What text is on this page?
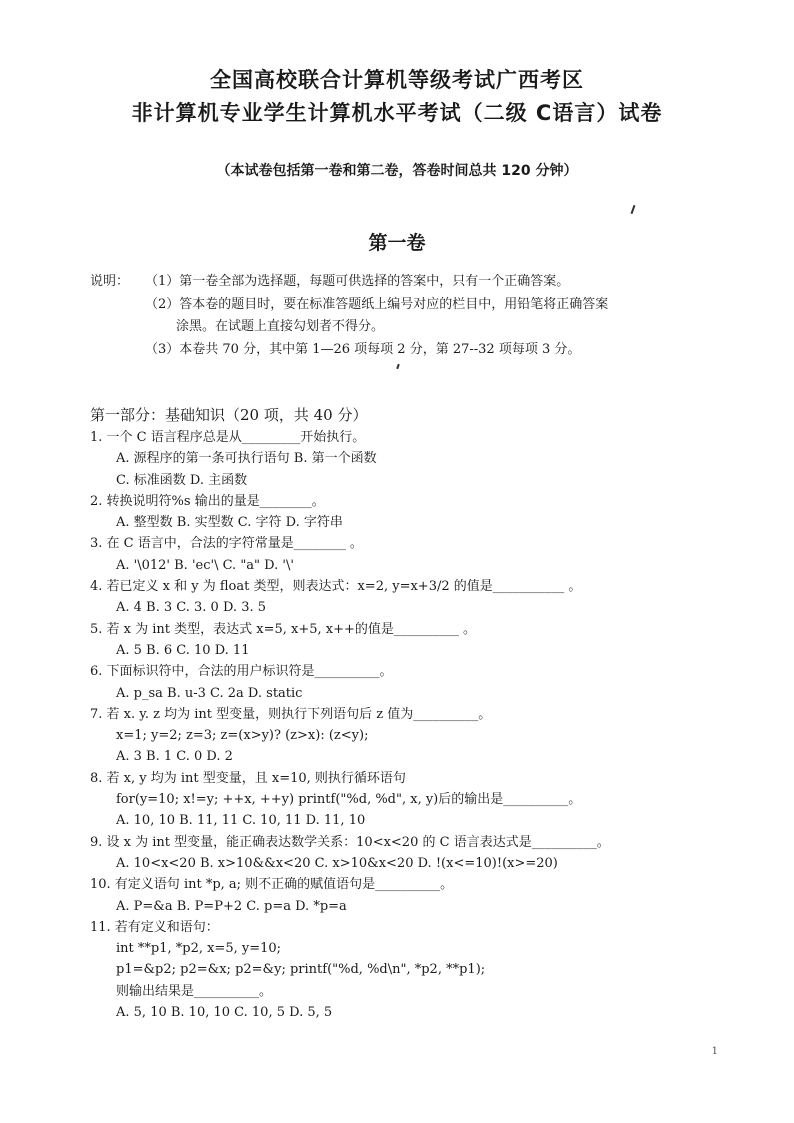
全国高校联合计算机等级考试广西考区
非计算机专业学生计算机水平考试（二级 C语言）试卷
（本试卷包括第一卷和第二卷，答卷时间总共 120 分钟）
第一卷
说明： （1）第一卷全部为选择题，每题可供选择的答案中，只有一个正确答案。
（2）答本卷的题目时，要在标准答题纸上编号对应的栏目中，用铅笔将正确答案
涂黑。在试题上直接勾划者不得分。
（3）本卷共 70 分，其中第 1—26 项每项 2 分，第 27--32 项每项 3 分。
第一部分：基础知识（20 项，共 40 分）
1. 一个 C 语言程序总是从_________开始执行。
A. 源程序的第一条可执行语句 B. 第一个函数
C. 标准函数 D. 主函数
2. 转换说明符%s 输出的量是________。
A. 整型数 B. 实型数 C. 字符 D. 字符串
3. 在 C 语言中，合法的字符常量是________ 。
A. '\012' B. 'ec'\ C. "a" D. '\'
4. 若已定义 x 和 y 为 float 类型，则表达式：x=2, y=x+3/2 的值是___________ 。
A. 4 B. 3 C. 3. 0 D. 3. 5
5. 若 x 为 int 类型，表达式 x=5, x+5, x++的值是__________ 。
A. 5 B. 6 C. 10 D. 11
6. 下面标识符中，合法的用户标识符是__________。
A. p_sa B. u-3 C. 2a D. static
7. 若 x. y. z 均为 int 型变量，则执行下列语句后 z 值为__________。
x=1; y=2; z=3; z=(x>y)? (z>x): (z<y);
A. 3 B. 1 C. 0 D. 2
8. 若 x, y 均为 int 型变量，且 x=10, 则执行循环语句
for(y=10; x!=y; ++x, ++y) printf("%d, %d", x, y)后的输出是__________。
A. 10, 10 B. 11, 11 C. 10, 11 D. 11, 10
9. 设 x 为 int 型变量，能正确表达数学关系：10<x<20 的 C 语言表达式是__________。
A. 10<x<20 B. x>10&&x<20 C. x>10&x<20 D. !(x<=10)!(x>=20)
10. 有定义语句 int *p, a; 则不正确的赋值语句是__________。
A. P=&a B. P=P+2 C. p=a D. *p=a
11. 若有定义和语句：
int **p1, *p2, x=5, y=10;
p1=&p2; p2=&x; p2=&y; printf("%d, %d\n", *p2, **p1);
则输出结果是__________。
A. 5, 10 B. 10, 10 C. 10, 5 D. 5, 5
1
